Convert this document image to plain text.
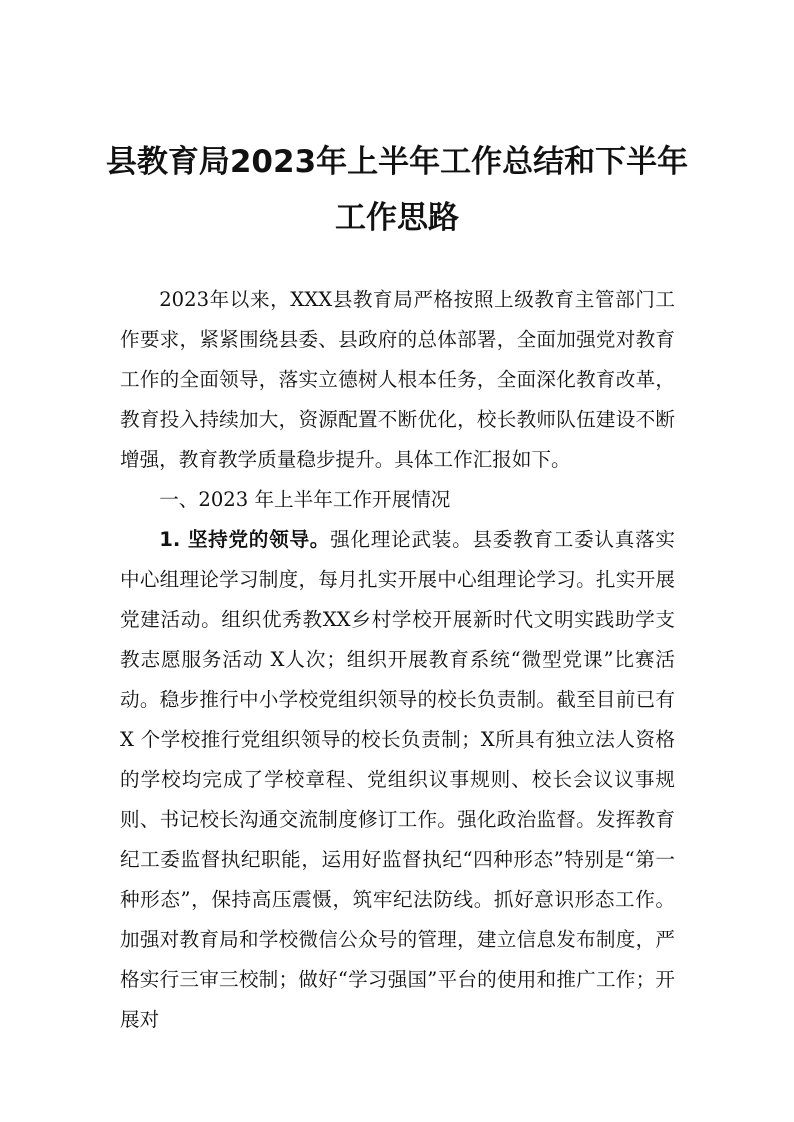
县教育局2023年上半年工作总结和下半年
工作思路

2023年以来，XXX县教育局严格按照上级教育主管部门工作要求，紧紧围绕县委、县政府的总体部署，全面加强党对教育工作的全面领导，落实立德树人根本任务，全面深化教育改革，教育投入持续加大，资源配置不断优化，校长教师队伍建设不断增强，教育教学质量稳步提升。具体工作汇报如下。

一、2023 年上半年工作开展情况

1. 坚持党的领导。强化理论武装。县委教育工委认真落实中心组理论学习制度，每月扎实开展中心组理论学习。扎实开展党建活动。组织优秀教XX乡村学校开展新时代文明实践助学支教志愿服务活动 X人次；组织开展教育系统“微型党课”比赛活动。稳步推行中小学校党组织领导的校长负责制。截至目前已有 X 个学校推行党组织领导的校长负责制；X所具有独立法人资格的学校均完成了学校章程、党组织议事规则、校长会议议事规则、书记校长沟通交流制度修订工作。强化政治监督。发挥教育纪工委监督执纪职能，运用好监督执纪“四种形态”特别是“第一种形态”，保持高压震慑，筑牢纪法防线。抓好意识形态工作。加强对教育局和学校微信公众号的管理，建立信息发布制度，严格实行三审三校制；做好“学习强国”平台的使用和推广工作；开展对
